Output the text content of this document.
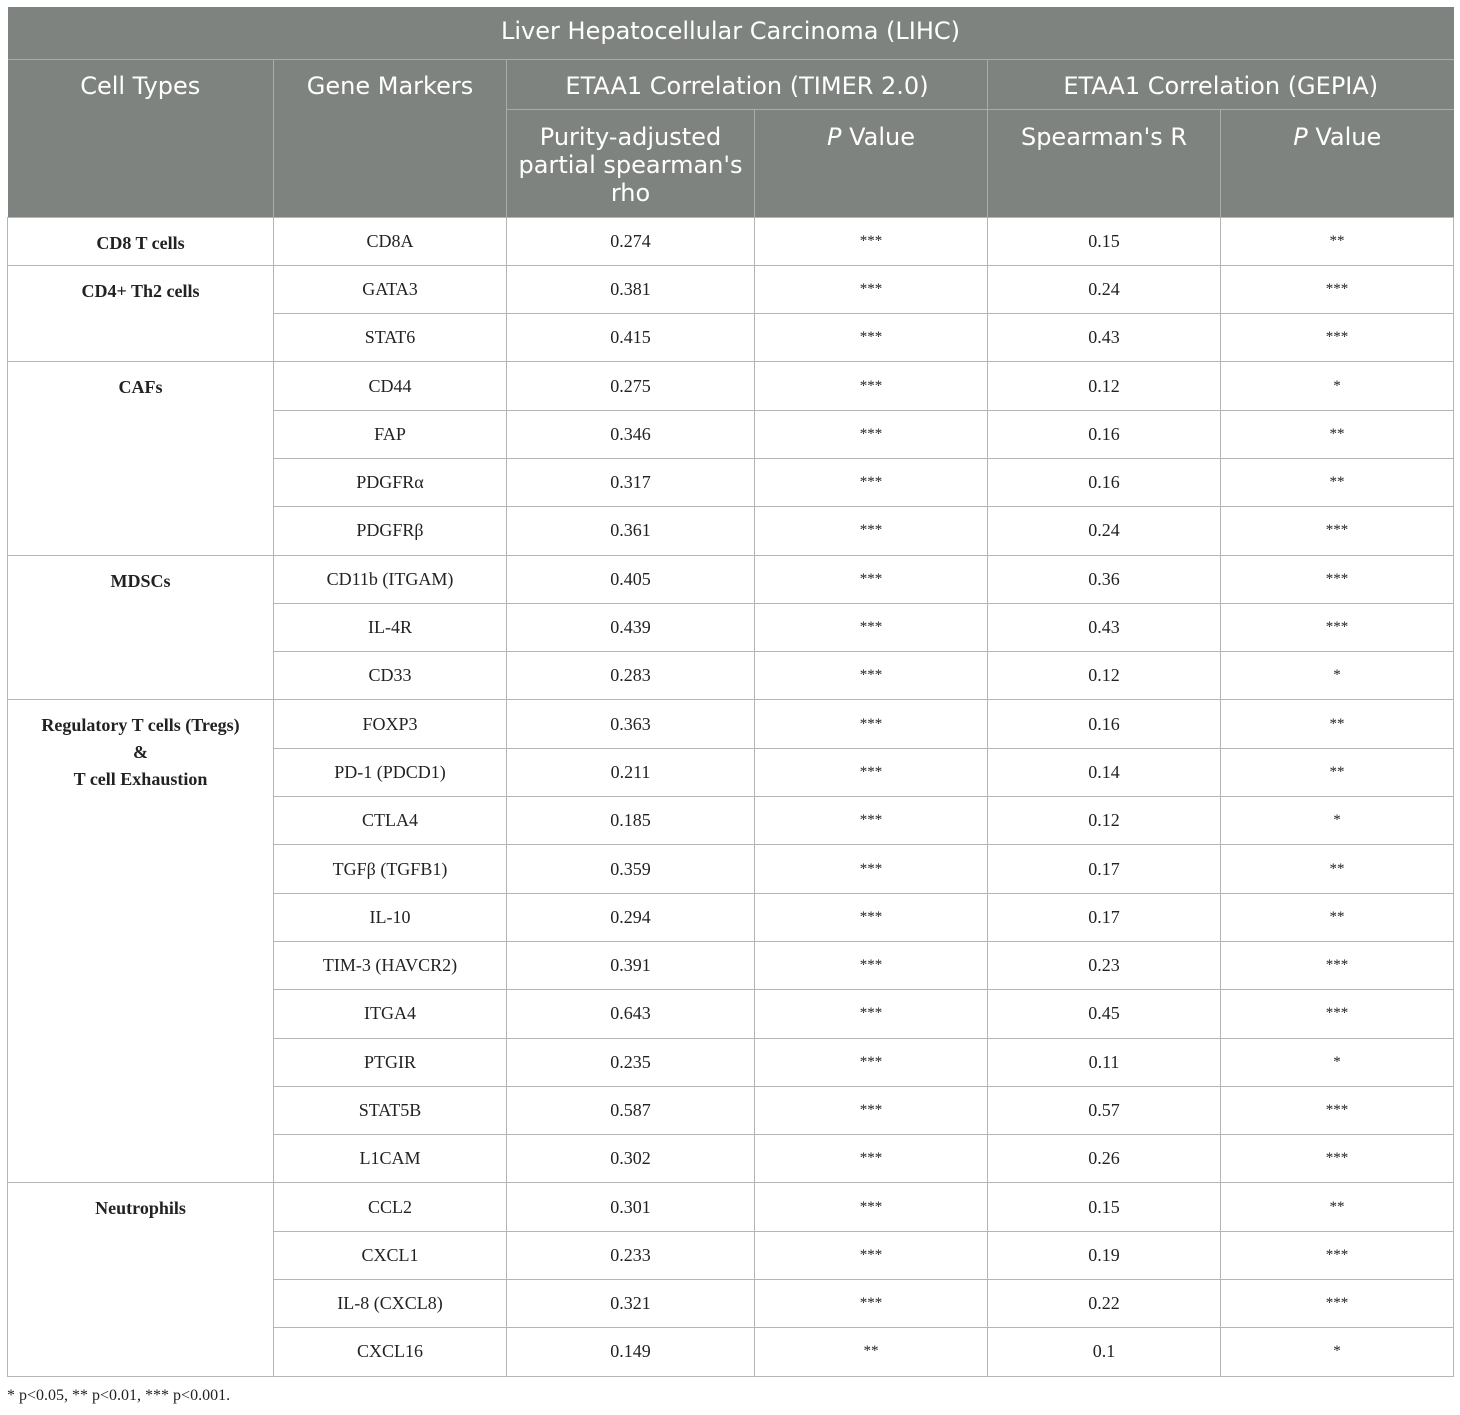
Liver Hepatocellular Carcinoma (LIHC)					
Cell Types	Gene Markers	ETAA1 Correlation (TIMER 2.0)		ETAA1 Correlation (GEPIA)	
		Purity-adjusted partial spearman's rho	P Value	Spearman's R	P Value
CD8 T cells	CD8A	0.274	***	0.15	**
CD4+ Th2 cells	GATA3	0.381	***	0.24	***
	STAT6	0.415	***	0.43	***
CAFs	CD44	0.275	***	0.12	*
	FAP	0.346	***	0.16	**
	PDGFRα	0.317	***	0.16	**
	PDGFRβ	0.361	***	0.24	***
MDSCs	CD11b (ITGAM)	0.405	***	0.36	***
	IL-4R	0.439	***	0.43	***
	CD33	0.283	***	0.12	*
Regulatory T cells (Tregs)
&
T cell Exhaustion	FOXP3	0.363	***	0.16	**
	PD-1 (PDCD1)	0.211	***	0.14	**
	CTLA4	0.185	***	0.12	*
	TGFβ (TGFB1)	0.359	***	0.17	**
	IL-10	0.294	***	0.17	**
	TIM-3 (HAVCR2)	0.391	***	0.23	***
	ITGA4	0.643	***	0.45	***
	PTGIR	0.235	***	0.11	*
	STAT5B	0.587	***	0.57	***
	L1CAM	0.302	***	0.26	***
Neutrophils	CCL2	0.301	***	0.15	**
	CXCL1	0.233	***	0.19	***
	IL-8 (CXCL8)	0.321	***	0.22	***
	CXCL16	0.149	**	0.1	*
* p<0.05, ** p<0.01, *** p<0.001.
